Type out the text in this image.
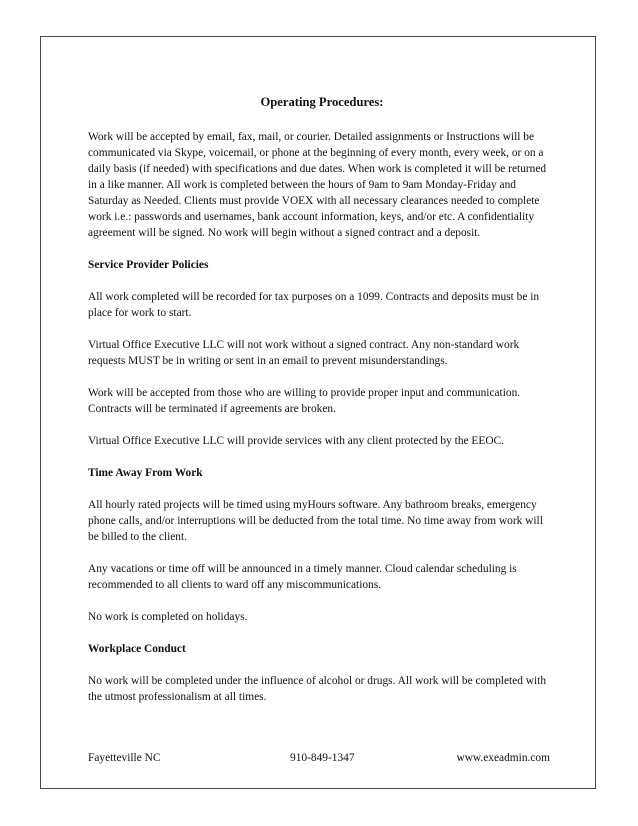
Operating Procedures:

Work will be accepted by email, fax, mail, or courier. Detailed assignments or Instructions will be communicated via Skype, voicemail, or phone at the beginning of every month, every week, or on a daily basis (if needed) with specifications and due dates. When work is completed it will be returned in a like manner. All work is completed between the hours of 9am to 9am Monday-Friday and Saturday as Needed. Clients must provide VOEX with all necessary clearances needed to complete work i.e.: passwords and usernames, bank account information, keys, and/or etc. A confidentiality agreement will be signed. No work will begin without a signed contract and a deposit.

Service Provider Policies

All work completed will be recorded for tax purposes on a 1099. Contracts and deposits must be in place for work to start.

Virtual Office Executive LLC will not work without a signed contract. Any non-standard work requests MUST be in writing or sent in an email to prevent misunderstandings.

Work will be accepted from those who are willing to provide proper input and communication. Contracts will be terminated if agreements are broken.

Virtual Office Executive LLC will provide services with any client protected by the EEOC.

Time Away From Work

All hourly rated projects will be timed using myHours software. Any bathroom breaks, emergency phone calls, and/or interruptions will be deducted from the total time. No time away from work will be billed to the client.

Any vacations or time off will be announced in a timely manner. Cloud calendar scheduling is recommended to all clients to ward off any miscommunications.

No work is completed on holidays.

Workplace Conduct

No work will be completed under the influence of alcohol or drugs. All work will be completed with the utmost professionalism at all times.

Fayetteville NC	910-849-1347	www.exeadmin.com
